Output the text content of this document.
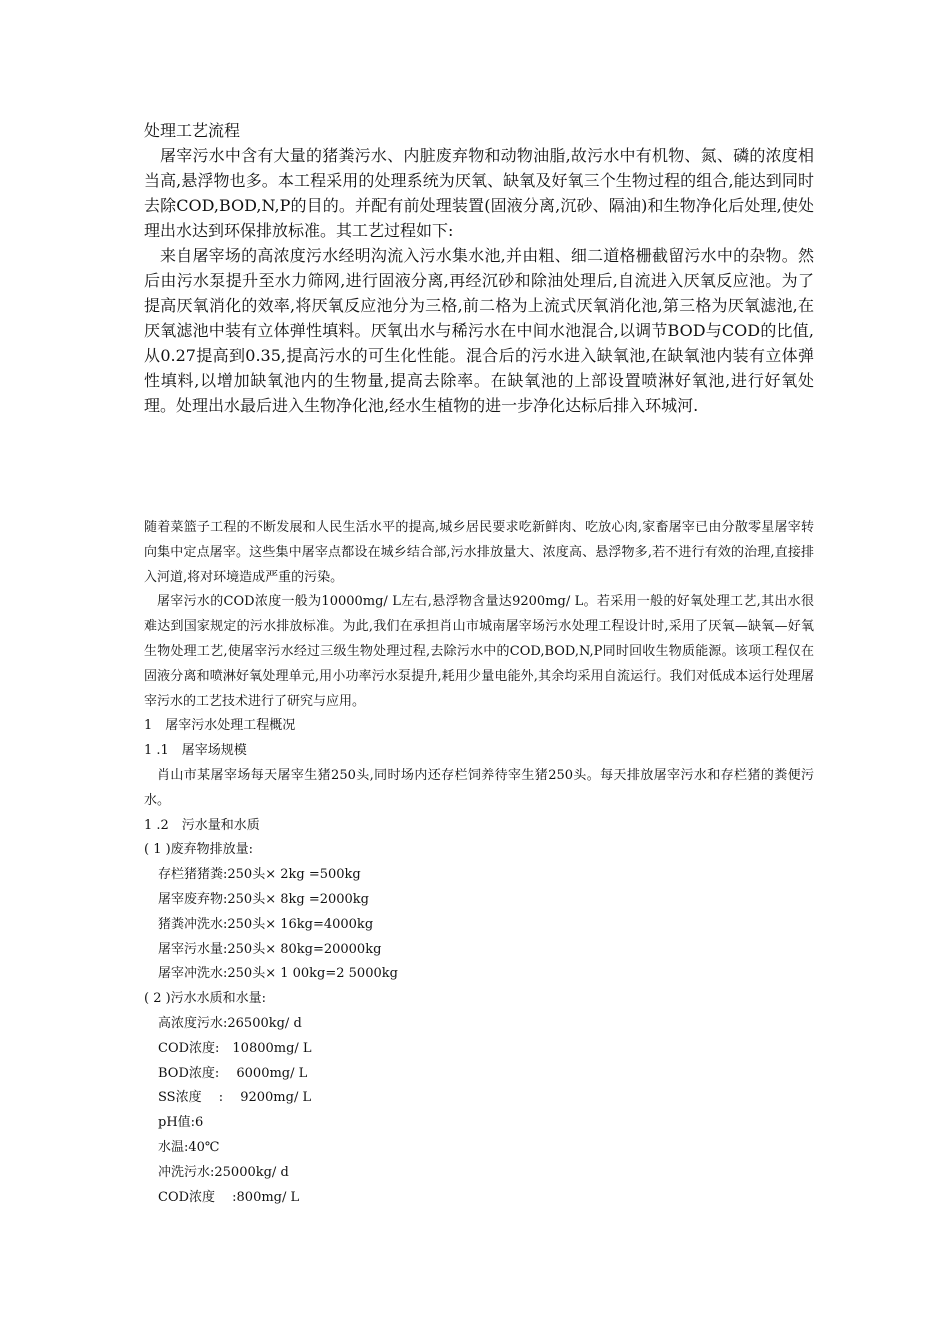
处理工艺流程

屠宰污水中含有大量的猪粪污水、内脏废弃物和动物油脂,故污水中有机物、氮、磷的浓度相当高,悬浮物也多。本工程采用的处理系统为厌氧、缺氧及好氧三个生物过程的组合,能达到同时去除COD,BOD,N,P的目的。并配有前处理装置(固液分离,沉砂、隔油)和生物净化后处理,使处理出水达到环保排放标准。其工艺过程如下:

来自屠宰场的高浓度污水经明沟流入污水集水池,并由粗、细二道格栅截留污水中的杂物。然后由污水泵提升至水力筛网,进行固液分离,再经沉砂和除油处理后,自流进入厌氧反应池。为了提高厌氧消化的效率,将厌氧反应池分为三格,前二格为上流式厌氧消化池,第三格为厌氧滤池,在厌氧滤池中装有立体弹性填料。厌氧出水与稀污水在中间水池混合,以调节BOD与COD的比值,从0.27提高到0.35,提高污水的可生化性能。混合后的污水进入缺氧池,在缺氧池内装有立体弹性填料,以增加缺氧池内的生物量,提高去除率。在缺氧池的上部设置喷淋好氧池,进行好氧处理。处理出水最后进入生物净化池,经水生植物的进一步净化达标后排入环城河.

随着菜篮子工程的不断发展和人民生活水平的提高,城乡居民要求吃新鲜肉、吃放心肉,家畜屠宰已由分散零星屠宰转向集中定点屠宰。这些集中屠宰点都设在城乡结合部,污水排放量大、浓度高、悬浮物多,若不进行有效的治理,直接排入河道,将对环境造成严重的污染。

屠宰污水的COD浓度一般为10000mg/ L左右,悬浮物含量达9200mg/ L。若采用一般的好氧处理工艺,其出水很难达到国家规定的污水排放标准。为此,我们在承担肖山市城南屠宰场污水处理工程设计时,采用了厌氧—缺氧—好氧生物处理工艺,使屠宰污水经过三级生物处理过程,去除污水中的COD,BOD,N,P同时回收生物质能源。该项工程仅在固液分离和喷淋好氧处理单元,用小功率污水泵提升,耗用少量电能外,其余均采用自流运行。我们对低成本运行处理屠宰污水的工艺技术进行了研究与应用。

1　屠宰污水处理工程概况

1 .1　屠宰场规模

肖山市某屠宰场每天屠宰生猪250头,同时场内还存栏饲养待宰生猪250头。每天排放屠宰污水和存栏猪的粪便污水。

1 .2　污水量和水质

( 1 )废弃物排放量:

存栏猪猪粪:250头× 2kg =500kg

屠宰废弃物:250头× 8kg =2000kg

猪粪冲洗水:250头× 16kg=4000kg

屠宰污水量:250头× 80kg=20000kg

屠宰冲洗水:250头× 1 00kg=2 5000kg

( 2 )污水水质和水量:

高浓度污水:26500kg/ d

COD浓度:　10800mg/ L

BOD浓度:　 6000mg/ L

SS浓度　 :　 9200mg/ L

pH值:6

水温:40℃

冲洗污水:25000kg/ d

COD浓度　 :800mg/ L
